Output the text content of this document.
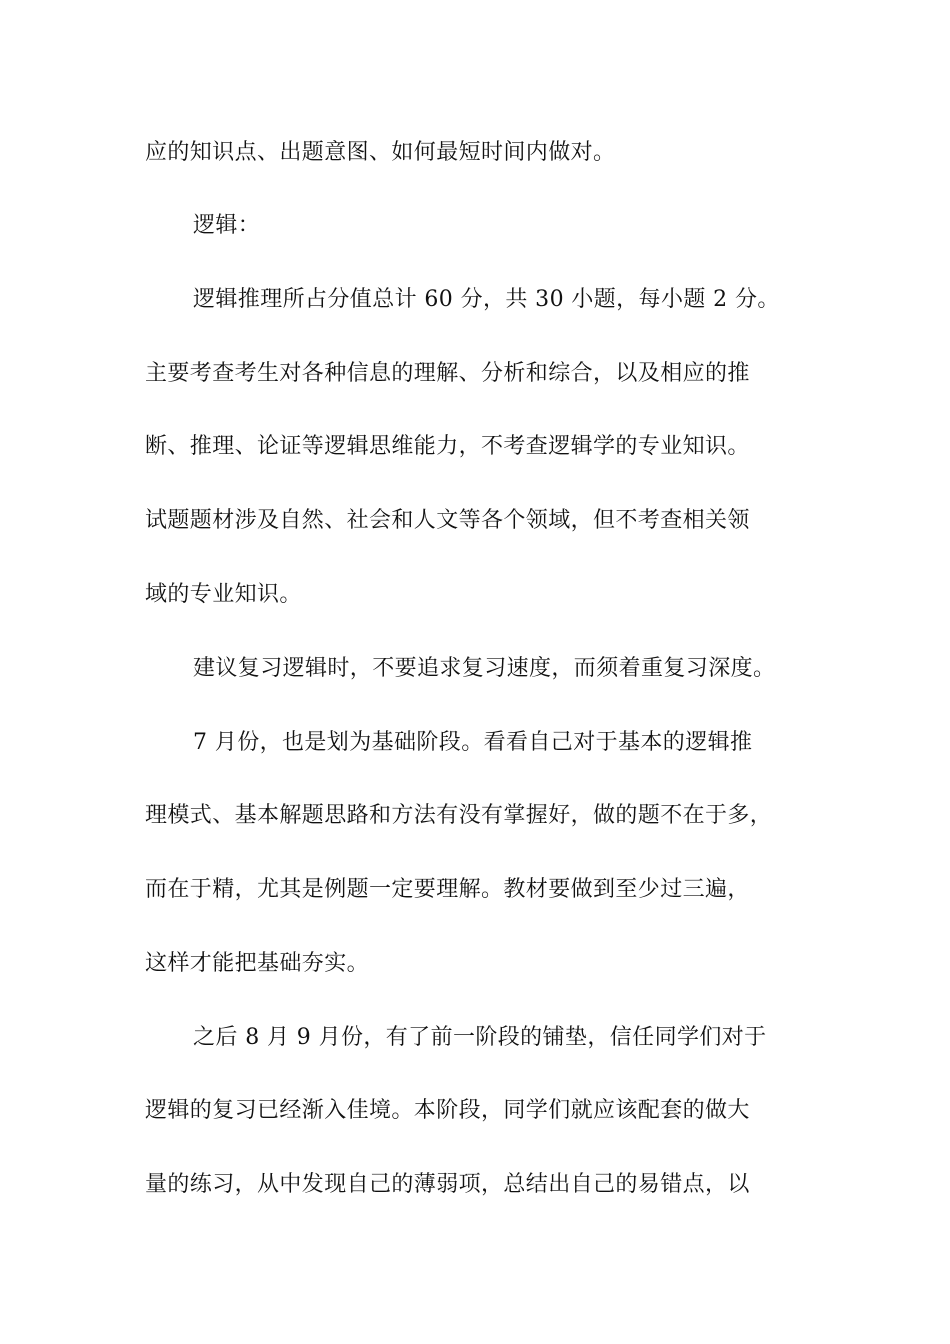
应的知识点、出题意图、如何最短时间内做对。
逻辑：
逻辑推理所占分值总计 60 分，共 30 小题，每小题 2 分。
主要考查考生对各种信息的理解、分析和综合，以及相应的推
断、推理、论证等逻辑思维能力，不考查逻辑学的专业知识。
试题题材涉及自然、社会和人文等各个领域，但不考查相关领
域的专业知识。
建议复习逻辑时，不要追求复习速度，而须着重复习深度。
7 月份，也是划为基础阶段。看看自己对于基本的逻辑推
理模式、基本解题思路和方法有没有掌握好，做的题不在于多，
而在于精，尤其是例题一定要理解。教材要做到至少过三遍，
这样才能把基础夯实。
之后 8 月 9 月份，有了前一阶段的铺垫，信任同学们对于
逻辑的复习已经渐入佳境。本阶段，同学们就应该配套的做大
量的练习，从中发现自己的薄弱项，总结出自己的易错点，以
